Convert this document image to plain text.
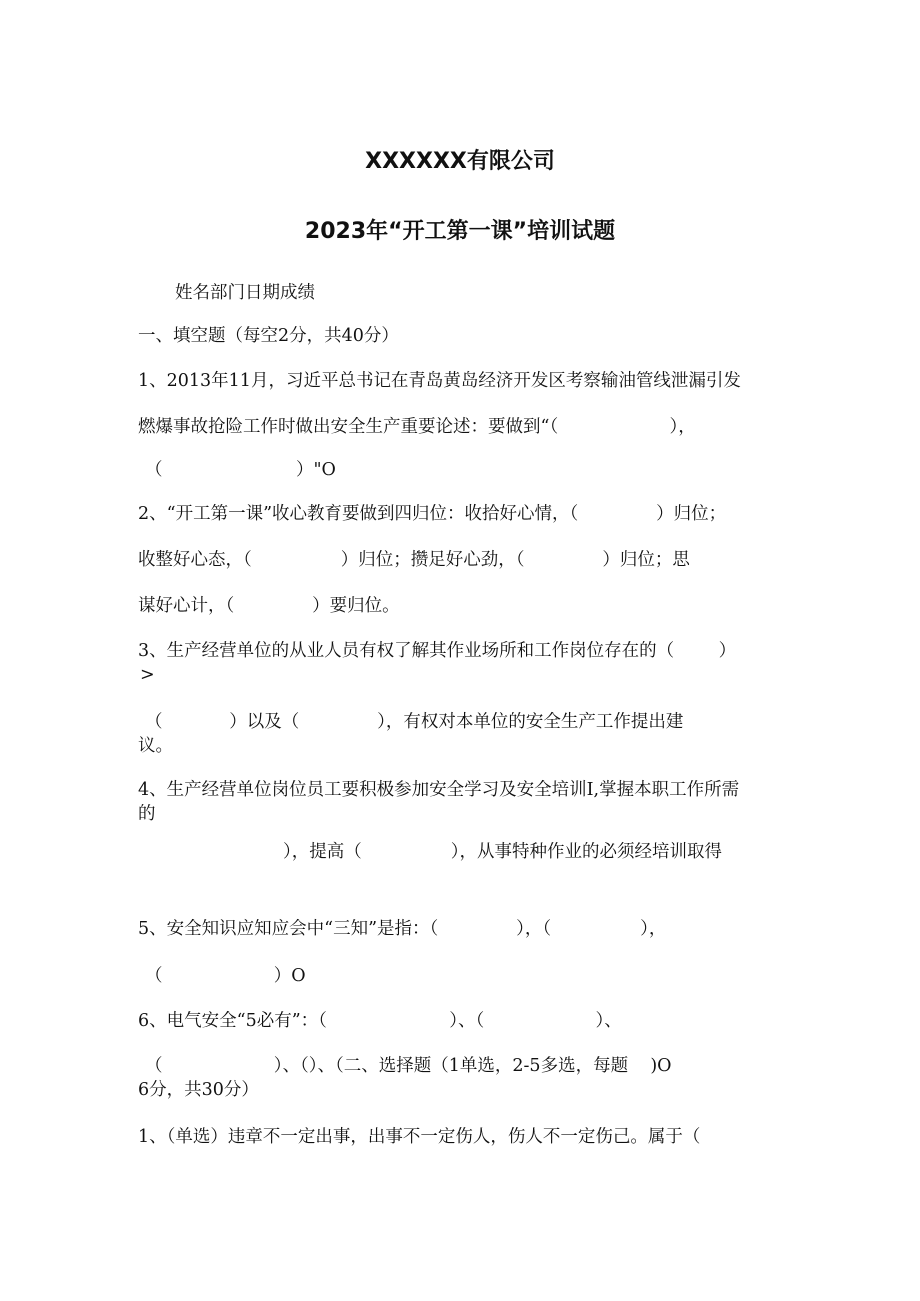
XXXXXX有限公司
2023年“开工第一课”培训试题
姓名部门日期成绩
一、填空题（每空2分，共40分）
1、2013年11月，习近平总书记在青岛黄岛经济开发区考察输油管线泄漏引发
燃爆事故抢险工作时做出安全生产重要论述：要做到“（                    ），
（                        ）"O
2、“开工第一课”收心教育要做到四归位：收拾好心情，（              ）归位；
收整好心态，（                ）归位；攒足好心劲，（              ）归位；思
谋好心计，（              ）要归位。
3、生产经营单位的从业人员有权了解其作业场所和工作岗位存在的（        ）
>
（            ）以及（              ），有权对本单位的安全生产工作提出建
议。
4、生产经营单位岗位员工要积极参加安全学习及安全培训I,掌握本职工作所需
的
），提高（                ），从事特种作业的必须经培训取得
5、安全知识应知应会中“三知”是指：（              ），（                ），
（                    ）O
6、电气安全“5必有”：（                      ）、（                    ）、
（                    ）、（）、（二、选择题（1单选，2-5多选，每题    )O
6分，共30分）
1、（单选）违章不一定出事，出事不一定伤人，伤人不一定伤己。属于（
